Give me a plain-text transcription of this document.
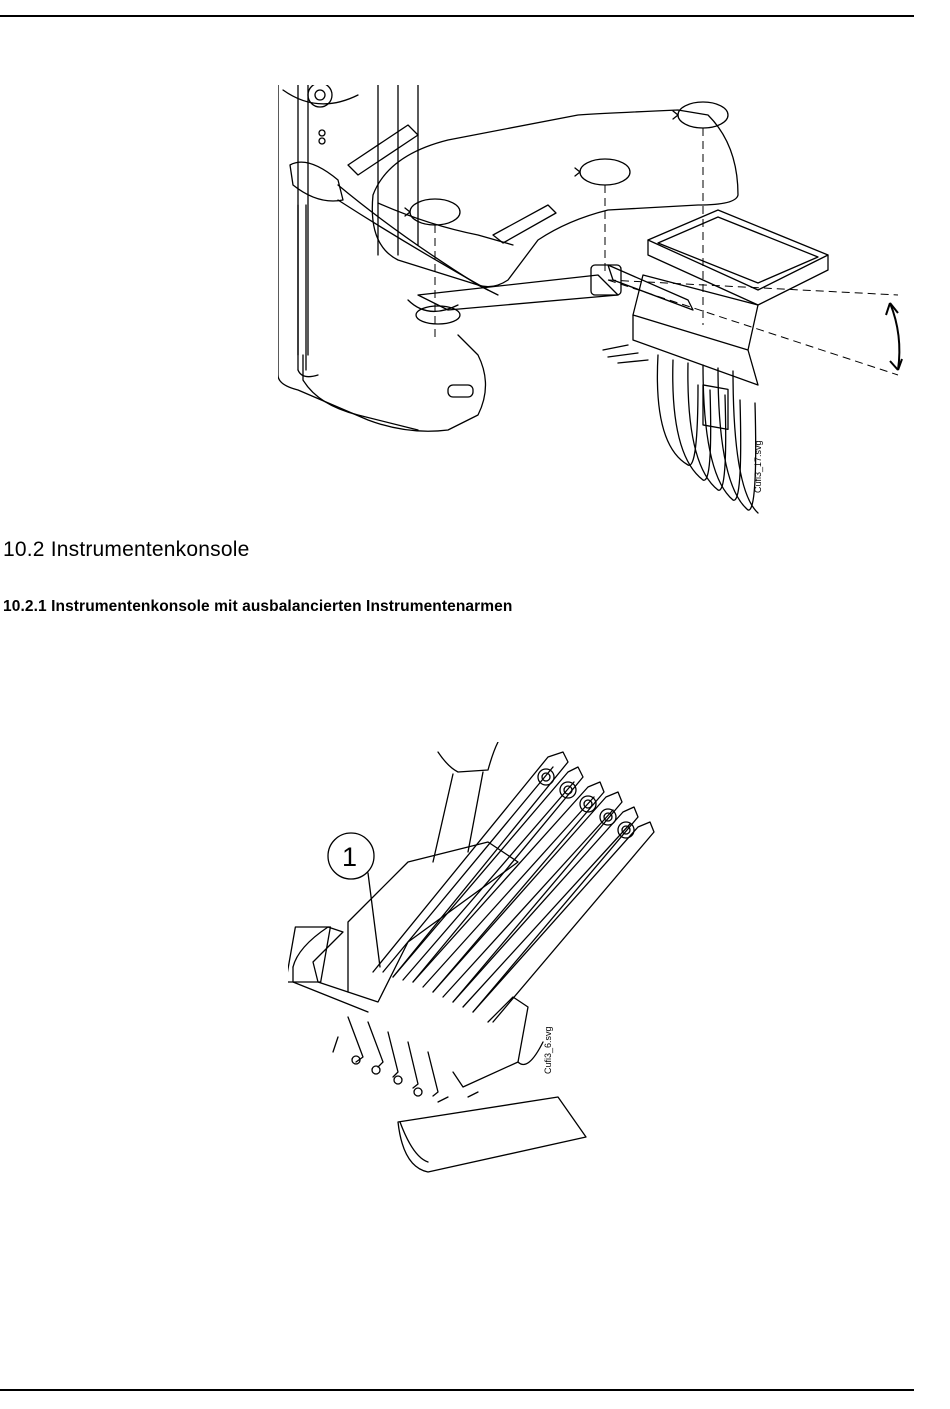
Cufi3_17.svg
10.2 Instrumentenkonsole
10.2.1 Instrumentenkonsole mit ausbalancierten Instrumentenarmen
1
Cufi3_6.svg
